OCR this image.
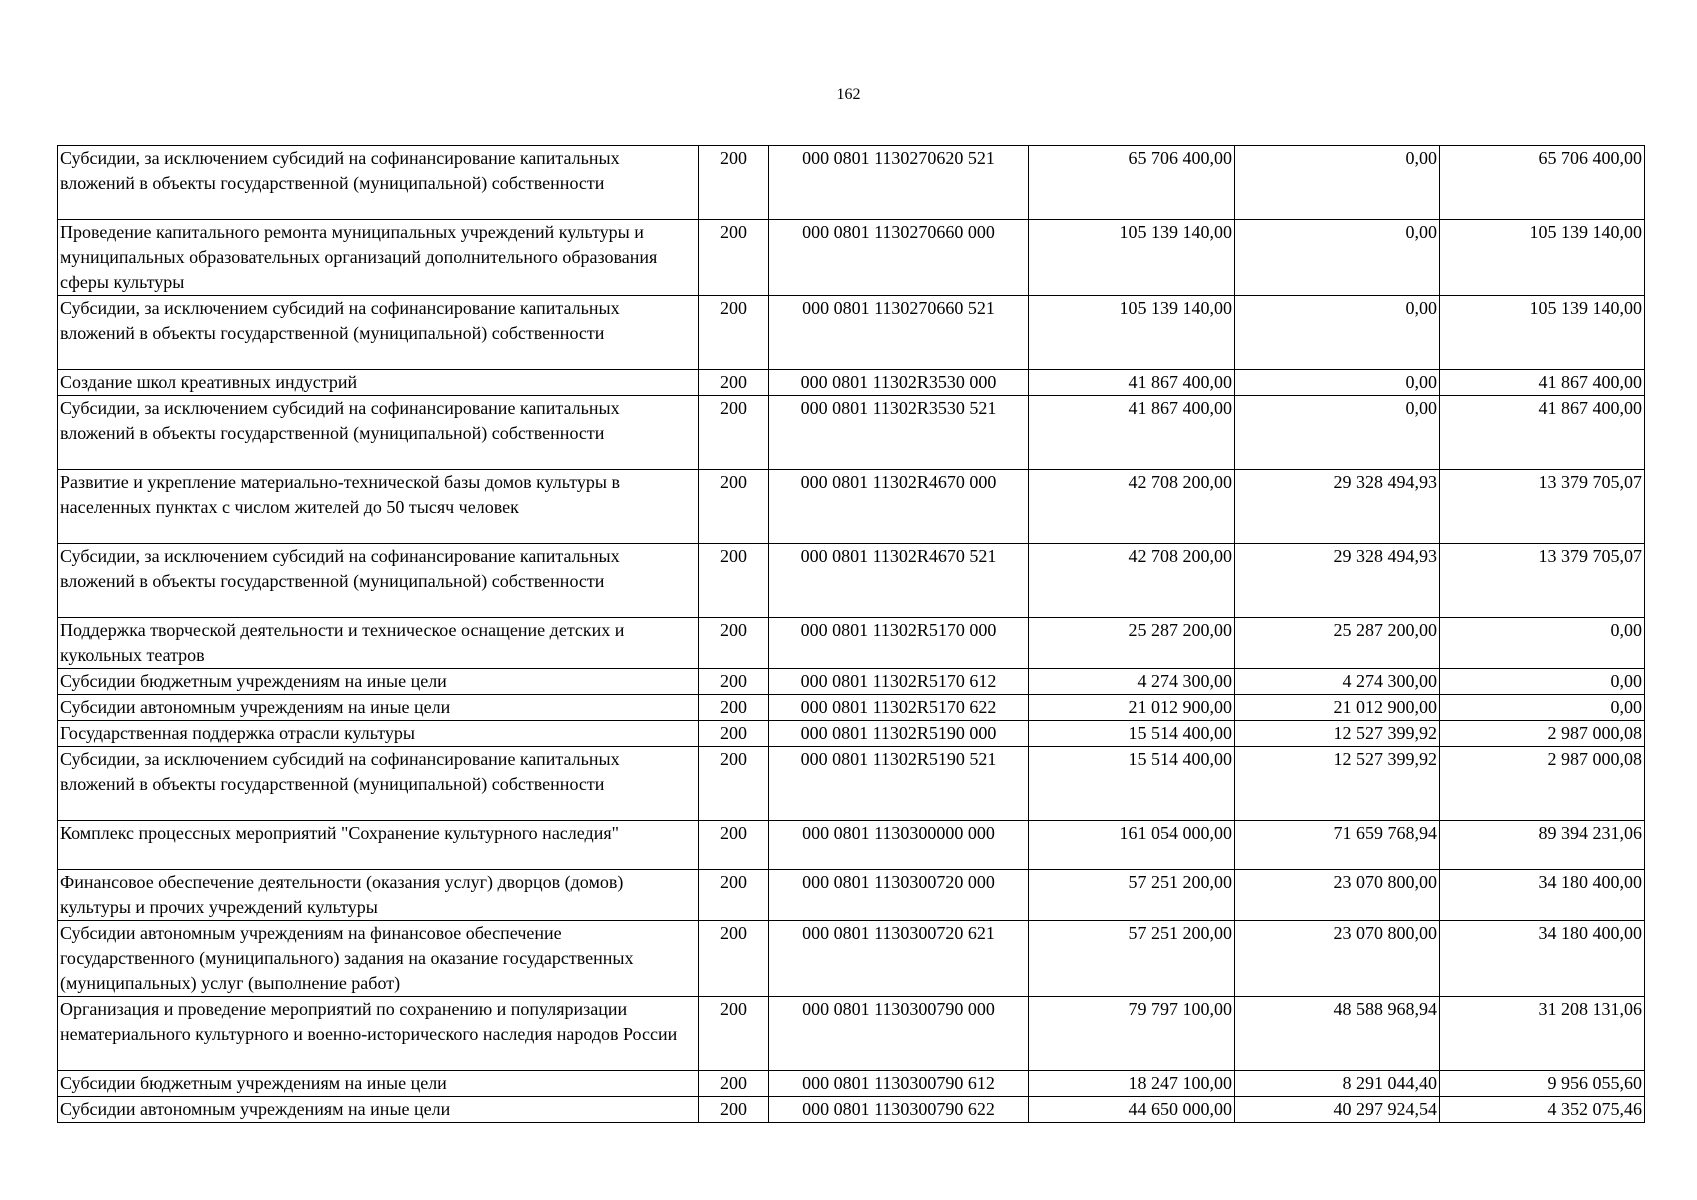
162
Субсидии, за исключением субсидий на софинансирование капитальных вложений в объекты государственной (муниципальной) собственности	200	000 0801 1130270620 521	65 706 400,00	0,00	65 706 400,00
Проведение капитального ремонта муниципальных учреждений культуры и муниципальных образовательных организаций дополнительного образования сферы культуры	200	000 0801 1130270660 000	105 139 140,00	0,00	105 139 140,00
Субсидии, за исключением субсидий на софинансирование капитальных вложений в объекты государственной (муниципальной) собственности	200	000 0801 1130270660 521	105 139 140,00	0,00	105 139 140,00
Создание школ креативных индустрий	200	000 0801 11302R3530 000	41 867 400,00	0,00	41 867 400,00
Субсидии, за исключением субсидий на софинансирование капитальных вложений в объекты государственной (муниципальной) собственности	200	000 0801 11302R3530 521	41 867 400,00	0,00	41 867 400,00
Развитие и укрепление материально-технической базы домов культуры в населенных пунктах с числом жителей до 50 тысяч человек	200	000 0801 11302R4670 000	42 708 200,00	29 328 494,93	13 379 705,07
Субсидии, за исключением субсидий на софинансирование капитальных вложений в объекты государственной (муниципальной) собственности	200	000 0801 11302R4670 521	42 708 200,00	29 328 494,93	13 379 705,07
Поддержка творческой деятельности и техническое оснащение детских и кукольных театров	200	000 0801 11302R5170 000	25 287 200,00	25 287 200,00	0,00
Субсидии бюджетным учреждениям на иные цели	200	000 0801 11302R5170 612	4 274 300,00	4 274 300,00	0,00
Субсидии автономным учреждениям на иные цели	200	000 0801 11302R5170 622	21 012 900,00	21 012 900,00	0,00
Государственная поддержка отрасли культуры	200	000 0801 11302R5190 000	15 514 400,00	12 527 399,92	2 987 000,08
Субсидии, за исключением субсидий на софинансирование капитальных вложений в объекты государственной (муниципальной) собственности	200	000 0801 11302R5190 521	15 514 400,00	12 527 399,92	2 987 000,08
Комплекс процессных мероприятий "Сохранение культурного наследия"	200	000 0801 1130300000 000	161 054 000,00	71 659 768,94	89 394 231,06
Финансовое обеспечение деятельности (оказания услуг) дворцов (домов) культуры и прочих учреждений культуры	200	000 0801 1130300720 000	57 251 200,00	23 070 800,00	34 180 400,00
Субсидии автономным учреждениям на финансовое обеспечение государственного (муниципального) задания на оказание государственных (муниципальных) услуг (выполнение работ)	200	000 0801 1130300720 621	57 251 200,00	23 070 800,00	34 180 400,00
Организация и проведение мероприятий по сохранению и популяризации нематериального культурного и военно-исторического наследия народов России	200	000 0801 1130300790 000	79 797 100,00	48 588 968,94	31 208 131,06
Субсидии бюджетным учреждениям на иные цели	200	000 0801 1130300790 612	18 247 100,00	8 291 044,40	9 956 055,60
Субсидии автономным учреждениям на иные цели	200	000 0801 1130300790 622	44 650 000,00	40 297 924,54	4 352 075,46
